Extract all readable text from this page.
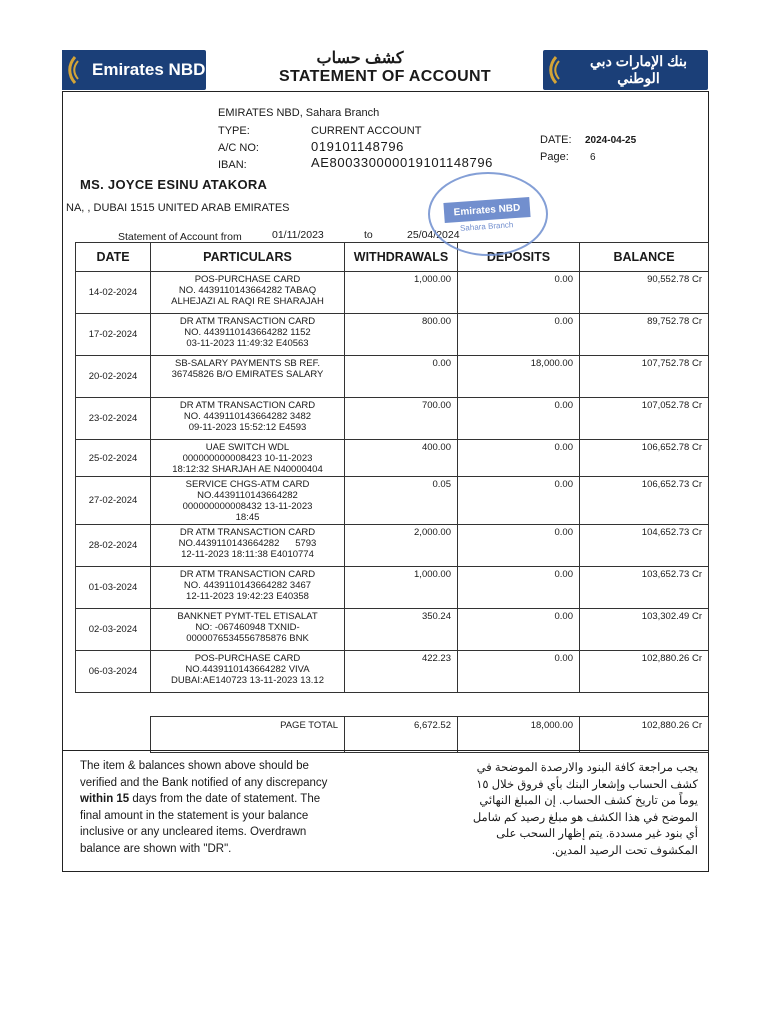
Emirates NBD
كشف حساب
STATEMENT OF ACCOUNT
بنك الإمارات دبي الوطني
EMIRATES NBD, Sahara Branch
TYPE:	CURRENT ACCOUNT
A/C NO:	019101148796
IBAN:	AE800330000019101148796
DATE: 2024-04-25
Page: 6
MS. JOYCE ESINU ATAKORA
NA, , DUBAI 1515 UNITED ARAB EMIRATES
Statement of Account from	01/11/2023	to	25/04/2024
DATE	PARTICULARS	WITHDRAWALS	DEPOSITS	BALANCE
14-02-2024	POS-PURCHASE CARD
NO. 4439110143664282 TABAQ
ALHEJAZI AL RAQI RE SHARAJAH	1,000.00	0.00	90,552.78 Cr
17-02-2024	DR ATM TRANSACTION CARD
NO. 4439110143664282 1152
03-11-2023 11:49:32 E40563	800.00	0.00	89,752.78 Cr
20-02-2024	SB-SALARY PAYMENTS SB REF.
36745826 B/O EMIRATES SALARY	0.00	18,000.00	107,752.78 Cr
23-02-2024	DR ATM TRANSACTION CARD
NO. 4439110143664282 3482
09-11-2023 15:52:12 E4593	700.00	0.00	107,052.78 Cr
25-02-2024	UAE SWITCH WDL
000000000008423 10-11-2023
18:12:32 SHARJAH AE N40000404	400.00	0.00	106,652.78 Cr
27-02-2024	SERVICE CHGS-ATM CARD
NO.4439110143664282
000000000008432 13-11-2023
18:45	0.05	0.00	106,652.73 Cr
28-02-2024	DR ATM TRANSACTION CARD
NO.4439110143664282      5793
12-11-2023 18:11:38 E4010774	2,000.00	0.00	104,652.73 Cr
01-03-2024	DR ATM TRANSACTION CARD
NO. 4439110143664282 3467
12-11-2023 19:42:23 E40358	1,000.00	0.00	103,652.73 Cr
02-03-2024	BANKNET PYMT-TEL ETISALAT
NO: -067460948 TXNID-
0000076534556785876 BNK	350.24	0.00	103,302.49 Cr
06-03-2024	POS-PURCHASE CARD
NO.4439110143664282 VIVA
DUBAI:AE140723 13-11-2023 13.12	422.23	0.00	102,880.26 Cr
PAGE TOTAL	6,672.52	18,000.00	102,880.26 Cr
Emirates NBD
Sahara Branch
The item & balances shown above should be verified and the Bank notified of any discrepancy within 15 days from the date of statement. The final amount in the statement is your balance inclusive or any uncleared items. Overdrawn balance are shown with "DR".
يجب مراجعة كافة البنود والارصدة الموضحة في كشف الحساب وإشعار البنك بأي فروق خلال ١٥ يوماً من تاريخ كشف الحساب. إن المبلغ النهائي الموضح في هذا الكشف هو مبلغ رصيد كم شامل أي بنود غير مسددة. يتم إظهار السحب على المكشوف تحت الرصيد المدين.
